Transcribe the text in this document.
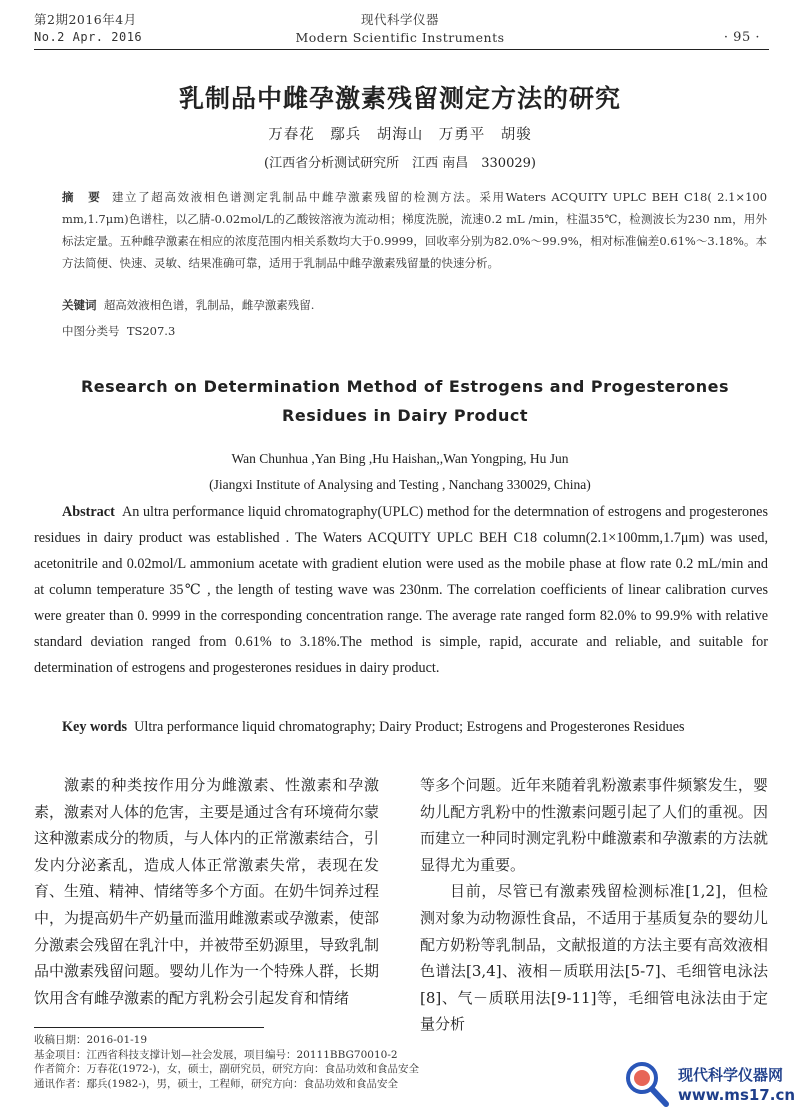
第2期2016年4月
No.2 Apr. 2016
现代科学仪器
Modern Scientific Instruments	· 95 ·
乳制品中雌孕激素残留测定方法的研究
万春花　鄢兵　胡海山　万勇平　胡骏
(江西省分析测试研究所　江西 南昌　330029)
摘　要 建立了超高效液相色谱测定乳制品中雌孕激素残留的检测方法。采用Waters ACQUITY UPLC BEH C18( 2.1×100 mm,1.7μm)色谱柱，以乙腈-0.02mol/L的乙酸铵溶液为流动相；梯度洗脱，流速0.2 mL /min，柱温35℃，检测波长为230 nm，用外标法定量。五种雌孕激素在相应的浓度范围内相关系数均大于0.9999，回收率分别为82.0%～99.9%，相对标准偏差0.61%～3.18%。本方法简便、快速、灵敏、结果准确可靠，适用于乳制品中雌孕激素残留量的快速分析。
关键词 超高效液相色谱，乳制品，雌孕激素残留.
中图分类号 TS207.3
Research on Determination Method of Estrogens and Progesterones Residues in Dairy Product
Wan Chunhua ,Yan Bing ,Hu Haishan,,Wan Yongping, Hu Jun
(Jiangxi Institute of Analysing and Testing , Nanchang 330029, China)
Abstract An ultra performance liquid chromatography(UPLC) method for the determnation of estrogens and progesterones residues in dairy product was established . The Waters ACQUITY UPLC BEH C18 column(2.1×100mm,1.7μm) was used, acetonitrile and 0.02mol/L ammonium acetate with gradient elution were used as the mobile phase at flow rate 0.2 mL/min and at column temperature 35℃ , the length of testing wave was 230nm. The correlation coefficients of linear calibration curves were greater than 0. 9999 in the corresponding concentration range. The average rate ranged form 82.0% to 99.9% with relative standard deviation ranged from 0.61% to 3.18%.The method is simple, rapid, accurate and reliable, and suitable for determination of estrogens and progesterones residues in dairy product.
Key words Ultra performance liquid chromatography; Dairy Product; Estrogens and Progesterones Residues
激素的种类按作用分为雌激素、性激素和孕激素，激素对人体的危害，主要是通过含有环境荷尔蒙这种激素成分的物质，与人体内的正常激素结合，引发内分泌紊乱，造成人体正常激素失常，表现在发育、生殖、精神、情绪等多个方面。在奶牛饲养过程中，为提高奶牛产奶量而滥用雌激素或孕激素，使部分激素会残留在乳汁中，并被带至奶源里，导致乳制品中激素残留问题。婴幼儿作为一个特殊人群，长期饮用含有雌孕激素的配方乳粉会引起发育和情绪
等多个问题。近年来随着乳粉激素事件频繁发生，婴幼儿配方乳粉中的性激素问题引起了人们的重视。因而建立一种同时测定乳粉中雌激素和孕激素的方法就显得尤为重要。
目前，尽管已有激素残留检测标准[1,2]，但检测对象为动物源性食品，不适用于基质复杂的婴幼儿配方奶粉等乳制品，文献报道的方法主要有高效液相色谱法[3,4]、液相－质联用法[5-7]、毛细管电泳法[8]、气－质联用法[9-11]等，毛细管电泳法由于定量分析
收稿日期：2016-01-19
基金项目：江西省科技支撑计划—社会发展，项目编号：20111BBG70010-2
作者简介：万春花(1972-)，女，硕士，副研究员，研究方向：食品功效和食品安全
通讯作者：鄢兵(1982-)，男，硕士，工程师，研究方向：食品功效和食品安全	现代科学仪器网
www.ms17.cn
